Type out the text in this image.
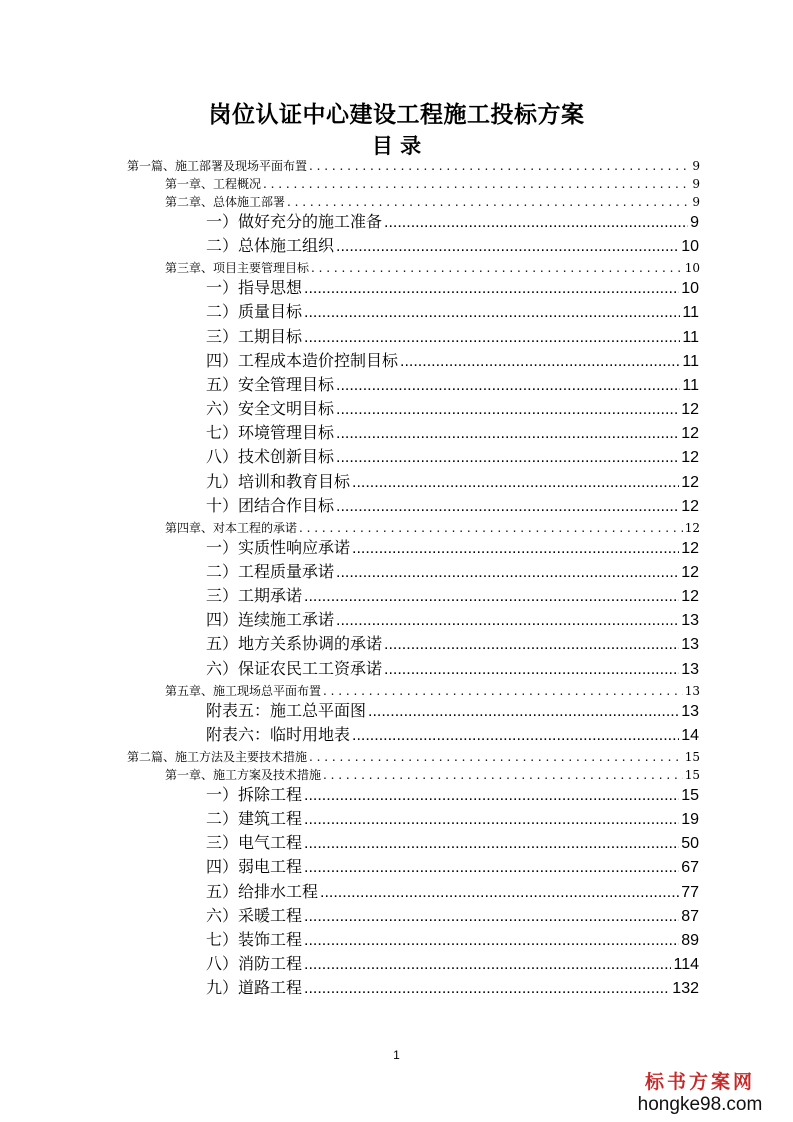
岗位认证中心建设工程施工投标方案
目 录
第一篇、施工部署及现场平面布置 . . .	9
第一章、工程概况 . . .	9
第二章、总体施工部署 . . .	9
一）做好充分的施工准备 .....	9
二）总体施工组织 .....	10
第三章、项目主要管理目标 . . .	10
一）指导思想 .....	10
二）质量目标 .....	11
三）工期目标 .....	11
四）工程成本造价控制目标 .....	11
五）安全管理目标 .....	11
六）安全文明目标 .....	12
七）环境管理目标 .....	12
八）技术创新目标 .....	12
九）培训和教育目标 .....	12
十）团结合作目标 .....	12
第四章、对本工程的承诺 . . .	12
一）实质性响应承诺 .....	12
二）工程质量承诺 .....	12
三）工期承诺 .....	12
四）连续施工承诺 .....	13
五）地方关系协调的承诺 .....	13
六）保证农民工工资承诺 .....	13
第五章、施工现场总平面布置 . . .	13
附表五：施工总平面图 .....	13
附表六：临时用地表 .....	14
第二篇、施工方法及主要技术措施 . . .	15
第一章、施工方案及技术措施 . . .	15
一）拆除工程 .....	15
二）建筑工程 .....	19
三）电气工程 .....	50
四）弱电工程 .....	67
五）给排水工程 .....	77
六）采暖工程 .....	87
七）装饰工程 .....	89
八）消防工程 .....	114
九）道路工程 .....	132
1
标书方案网
hongke98.com
